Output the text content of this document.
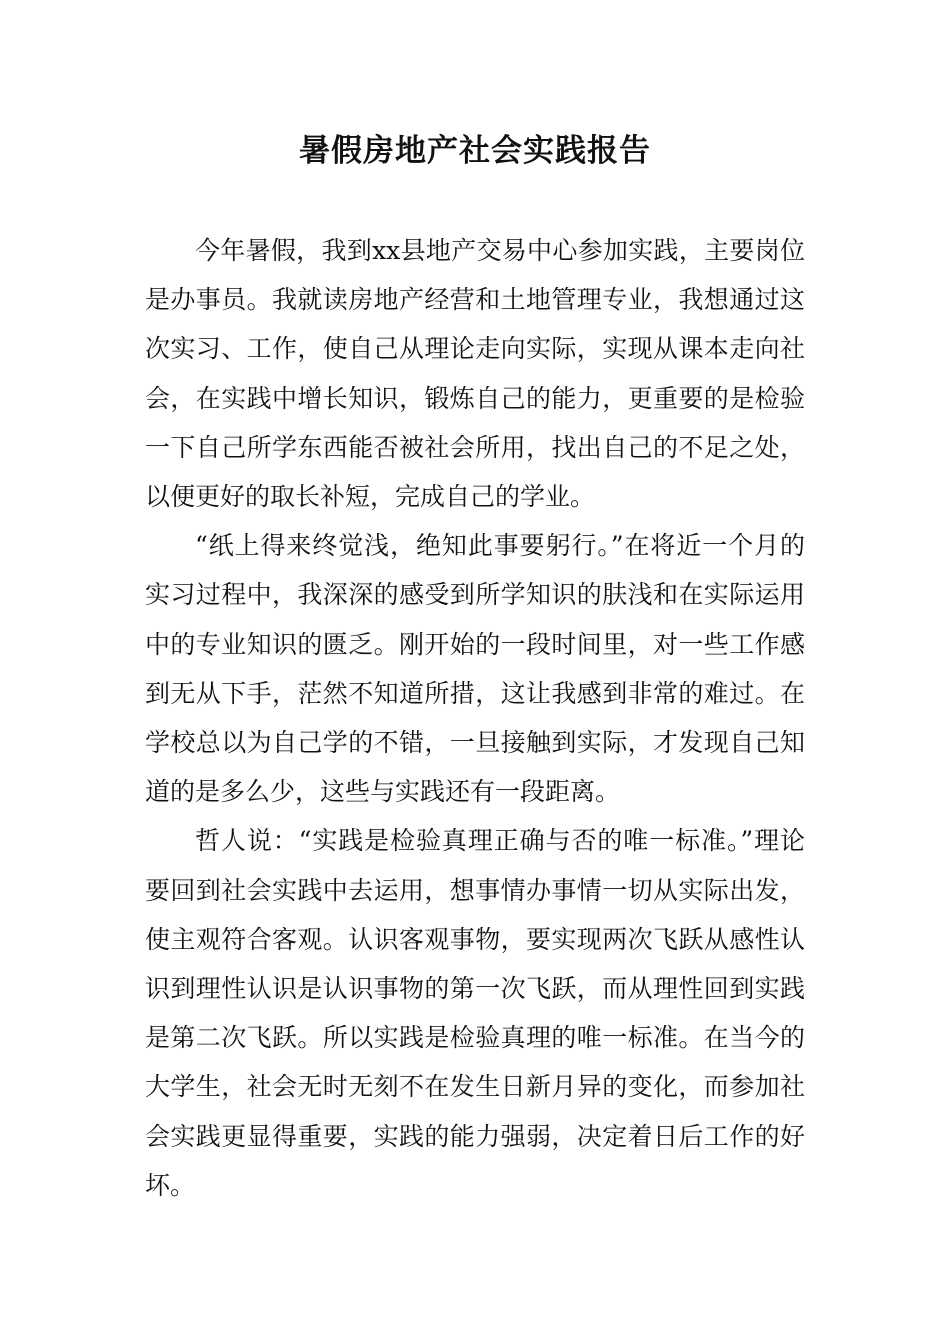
暑假房地产社会实践报告

今年暑假，我到xx县地产交易中心参加实践，主要岗位是办事员。我就读房地产经营和土地管理专业，我想通过这次实习、工作，使自己从理论走向实际，实现从课本走向社会，在实践中增长知识，锻炼自己的能力，更重要的是检验一下自己所学东西能否被社会所用，找出自己的不足之处，以便更好的取长补短，完成自己的学业。

“纸上得来终觉浅，绝知此事要躬行。”在将近一个月的实习过程中，我深深的感受到所学知识的肤浅和在实际运用中的专业知识的匮乏。刚开始的一段时间里，对一些工作感到无从下手，茫然不知道所措，这让我感到非常的难过。在学校总以为自己学的不错，一旦接触到实际，才发现自己知道的是多么少，这些与实践还有一段距离。

哲人说：“实践是检验真理正确与否的唯一标准。”理论要回到社会实践中去运用，想事情办事情一切从实际出发，使主观符合客观。认识客观事物，要实现两次飞跃从感性认识到理性认识是认识事物的第一次飞跃，而从理性回到实践是第二次飞跃。所以实践是检验真理的唯一标准。在当今的大学生，社会无时无刻不在发生日新月异的变化，而参加社会实践更显得重要，实践的能力强弱，决定着日后工作的好坏。
